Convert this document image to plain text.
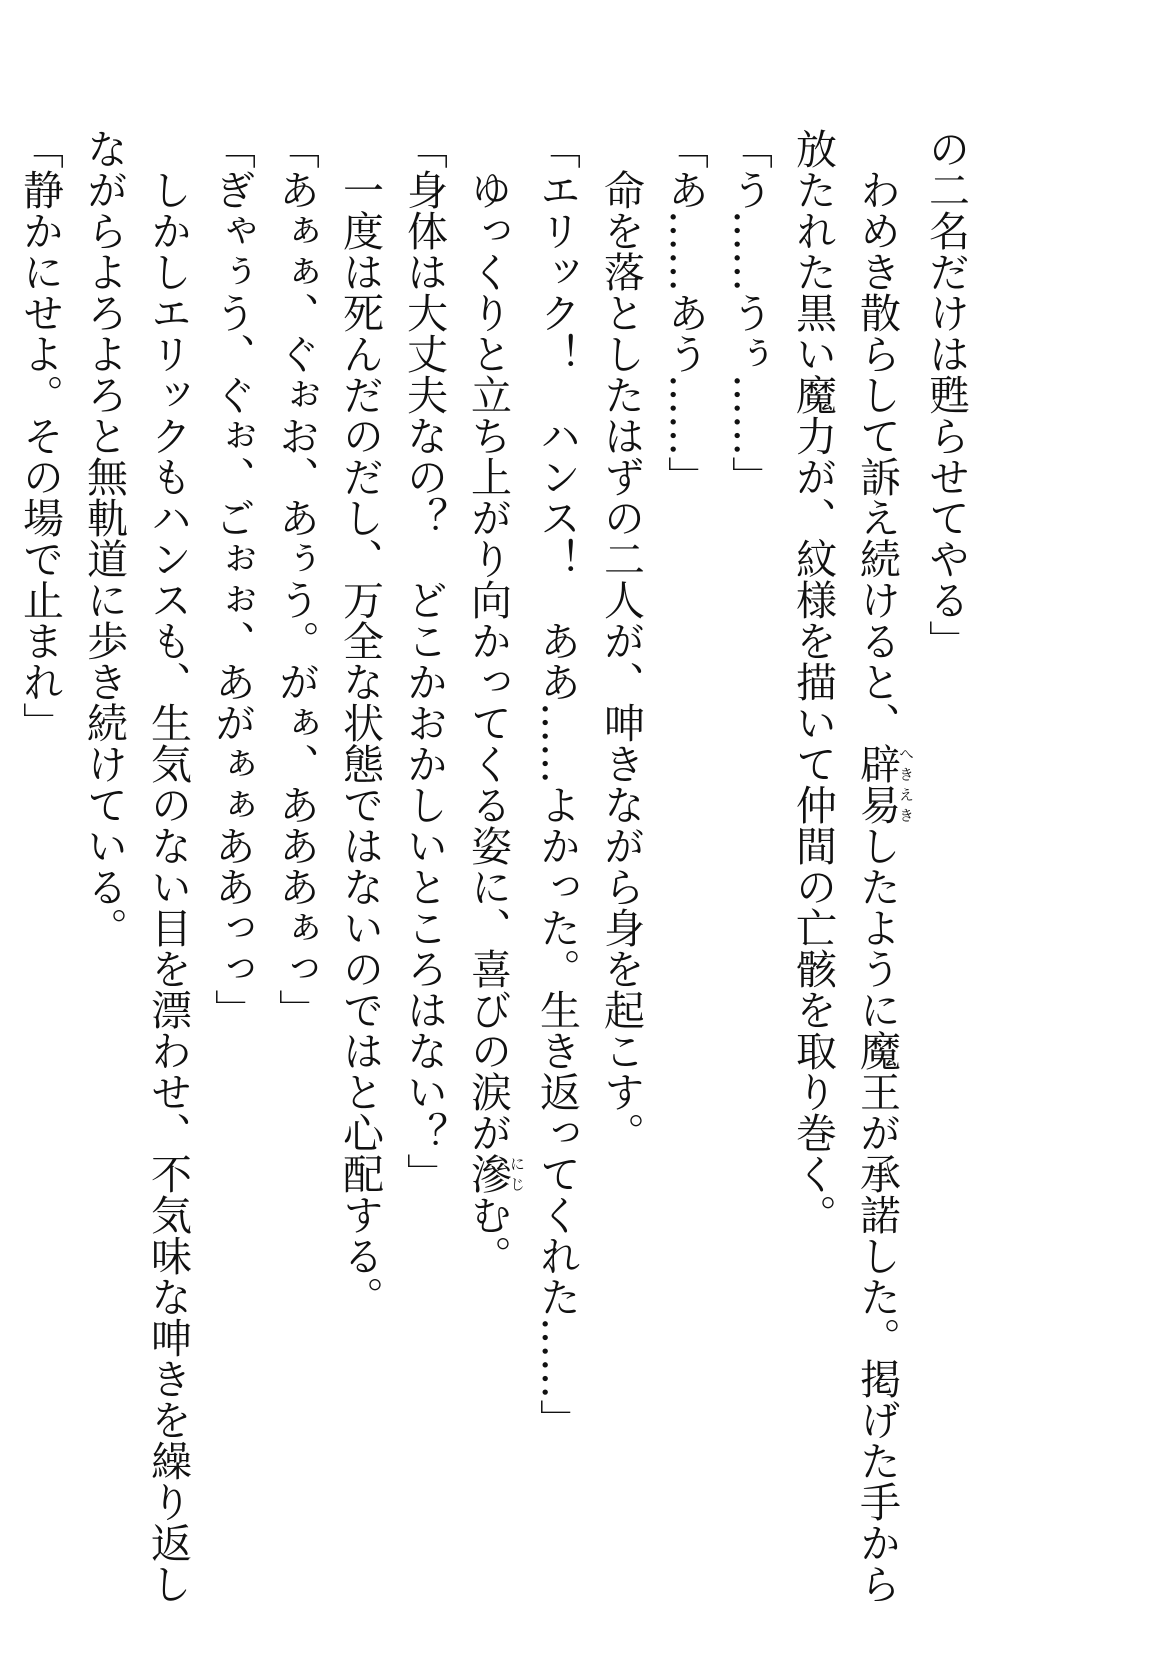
の二名だけは甦らせてやる」

　わめき散らして訴え続けると、辟易へきえきしたように魔王が承諾した。掲げた手から

放たれた黒い魔力が、紋様を描いて仲間の亡骸を取り巻く。

「う……うぅ……」

「あ……あう……」

　命を落としたはずの二人が、呻きながら身を起こす。

「エリック！　ハンス！　ああ……よかった。生き返ってくれた……」

　ゆっくりと立ち上がり向かってくる姿に、喜びの涙が滲にじむ。

「身体は大丈夫なの？　どこかおかしいところはない？」

　一度は死んだのだし、万全な状態ではないのではと心配する。

「あぁぁ、ぐぉお、あぅう。がぁ、あああぁっ」

「ぎゃぅう、ぐぉ、ごぉぉ、あがぁぁああっっ」

　しかしエリックもハンスも、生気のない目を漂わせ、不気味な呻きを繰り返し

ながらよろよろと無軌道に歩き続けている。

「静かにせよ。その場で止まれ」
